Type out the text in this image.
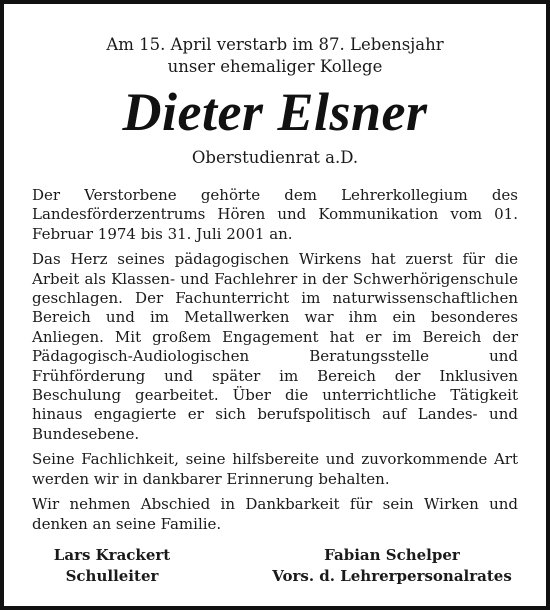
Am 15. April verstarb im 87. Lebensjahr
unser ehemaliger Kollege
Dieter Elsner
Oberstudienrat a.D.

Der Verstorbene gehörte dem Lehrerkollegium des Landesförderzentrums Hören und Kommunikation vom 01. Februar 1974 bis 31. Juli 2001 an.

Das Herz seines pädagogischen Wirkens hat zuerst für die Arbeit als Klassen- und Fachlehrer in der Schwerhörigenschule geschlagen. Der Fachunterricht im naturwissenschaftlichen Bereich und im Metallwerken war ihm ein besonderes Anliegen. Mit großem Engagement hat er im Bereich der Pädagogisch-Audiologischen Beratungsstelle und Frühförderung und später im Bereich der Inklusiven Beschulung gearbeitet. Über die unterrichtliche Tätigkeit hinaus engagierte er sich berufspolitisch auf Landes- und Bundesebene.

Seine Fachlichkeit, seine hilfsbereite und zuvorkommende Art werden wir in dankbarer Erinnerung behalten.

Wir nehmen Abschied in Dankbarkeit für sein Wirken und denken an seine Familie.

Lars Krackert
Schulleiter
Fabian Schelper
Vors. d. Lehrerpersonalrates
